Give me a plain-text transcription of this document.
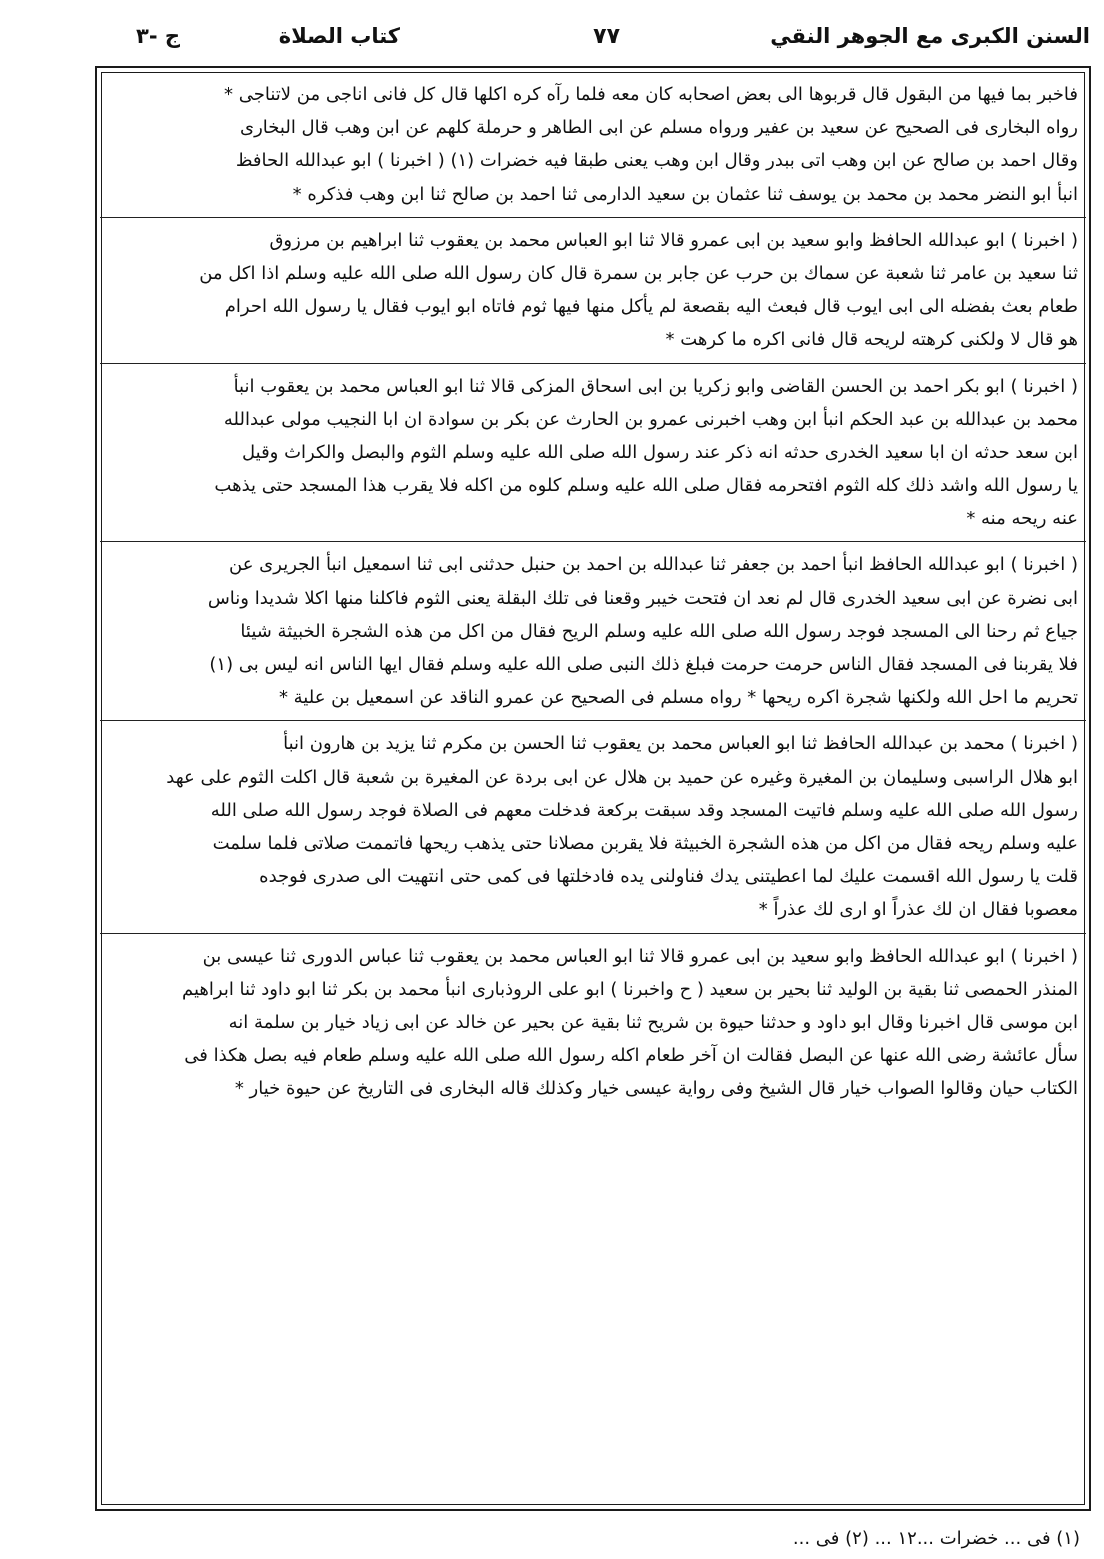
السنن الكبرى مع الجوهر النقي
٧٧
كتاب الصلاة
ج -٣
فاخبر بما فيها من البقول قال قربوها الى بعض اصحابه كان معه فلما رآه كره اكلها قال كل فانى اناجى من لاتناجى *
رواه البخارى فى الصحيح عن سعيد بن عفير ورواه مسلم عن ابى الطاهر و حرملة كلهم عن ابن وهب قال البخارى
وقال احمد بن صالح عن ابن وهب اتى ببدر وقال ابن وهب يعنى طبقا فيه خضرات (١) ( اخبرنا ) ابو عبدالله الحافظ
انبأ ابو النضر محمد بن محمد بن يوسف ثنا عثمان بن سعيد الدارمى ثنا احمد بن صالح ثنا ابن وهب فذكره *
( اخبرنا ) ابو عبدالله الحافظ وابو سعيد بن ابى عمرو قالا ثنا ابو العباس محمد بن يعقوب ثنا ابراهيم بن مرزوق
ثنا سعيد بن عامر ثنا شعبة عن سماك بن حرب عن جابر بن سمرة قال كان رسول الله صلى الله عليه وسلم اذا اكل من
طعام بعث بفضله الى ابى ايوب قال فبعث اليه بقصعة لم يأكل منها فيها ثوم فاتاه ابو ايوب فقال يا رسول الله احرام
هو قال لا ولكنى كرهته لريحه قال فانى اكره ما كرهت *
( اخبرنا ) ابو بكر احمد بن الحسن القاضى وابو زكريا بن ابى اسحاق المزكى قالا ثنا ابو العباس محمد بن يعقوب انبأ
محمد بن عبدالله بن عبد الحكم انبأ ابن وهب اخبرنى عمرو بن الحارث عن بكر بن سوادة ان ابا النجيب مولى عبدالله
ابن سعد حدثه ان ابا سعيد الخدرى حدثه انه ذكر عند رسول الله صلى الله عليه وسلم الثوم والبصل والكراث وقيل
يا رسول الله واشد ذلك كله الثوم افتحرمه فقال صلى الله عليه وسلم كلوه من اكله فلا يقرب هذا المسجد حتى يذهب
عنه ريحه منه *
( اخبرنا ) ابو عبدالله الحافظ انبأ احمد بن جعفر ثنا عبدالله بن احمد بن حنبل حدثنى ابى ثنا اسمعيل انبأ الجريرى عن
ابى نضرة عن ابى سعيد الخدرى قال لم نعد ان فتحت خيبر وقعنا فى تلك البقلة يعنى الثوم فاكلنا منها اكلا شديدا وناس
جياع ثم رحنا الى المسجد فوجد رسول الله صلى الله عليه وسلم الريح فقال من اكل من هذه الشجرة الخبيثة شيئا
فلا يقربنا فى المسجد فقال الناس حرمت حرمت فبلغ ذلك النبى صلى الله عليه وسلم فقال ايها الناس انه ليس بى (١)
تحريم ما احل الله ولكنها شجرة اكره ريحها * رواه مسلم فى الصحيح عن عمرو الناقد عن اسمعيل بن علية *
( اخبرنا ) محمد بن عبدالله الحافظ ثنا ابو العباس محمد بن يعقوب ثنا الحسن بن مكرم ثنا يزيد بن هارون انبأ
ابو هلال الراسبى وسليمان بن المغيرة وغيره عن حميد بن هلال عن ابى بردة عن المغيرة بن شعبة قال اكلت الثوم على عهد
رسول الله صلى الله عليه وسلم فاتيت المسجد وقد سبقت بركعة فدخلت معهم فى الصلاة فوجد رسول الله صلى الله
عليه وسلم ريحه فقال من اكل من هذه الشجرة الخبيثة فلا يقربن مصلانا حتى يذهب ريحها فاتممت صلاتى فلما سلمت
قلت يا رسول الله اقسمت عليك لما اعطيتنى يدك فناولنى يده فادخلتها فى كمى حتى انتهيت الى صدرى فوجده
معصوبا فقال ان لك عذراً او ارى لك عذراً *
( اخبرنا ) ابو عبدالله الحافظ وابو سعيد بن ابى عمرو قالا ثنا ابو العباس محمد بن يعقوب ثنا عباس الدورى ثنا عيسى بن
المنذر الحمصى ثنا بقية بن الوليد ثنا بحير بن سعيد ( ح واخبرنا ) ابو على الروذبارى انبأ محمد بن بكر ثنا ابو داود ثنا ابراهيم
ابن موسى قال اخبرنا وقال ابو داود و حدثنا حيوة بن شريح ثنا بقية عن بحير عن خالد عن ابى زياد خيار بن سلمة انه
سأل عائشة رضى الله عنها عن البصل فقالت ان آخر طعام اكله رسول الله صلى الله عليه وسلم طعام فيه بصل هكذا فى
الكتاب حيان وقالوا الصواب خيار قال الشيخ وفى رواية عيسى خيار وكذلك قاله البخارى فى التاريخ عن حيوة خيار *
(١) فى ... خضرات ...١٢ ... (٢) فى ...
